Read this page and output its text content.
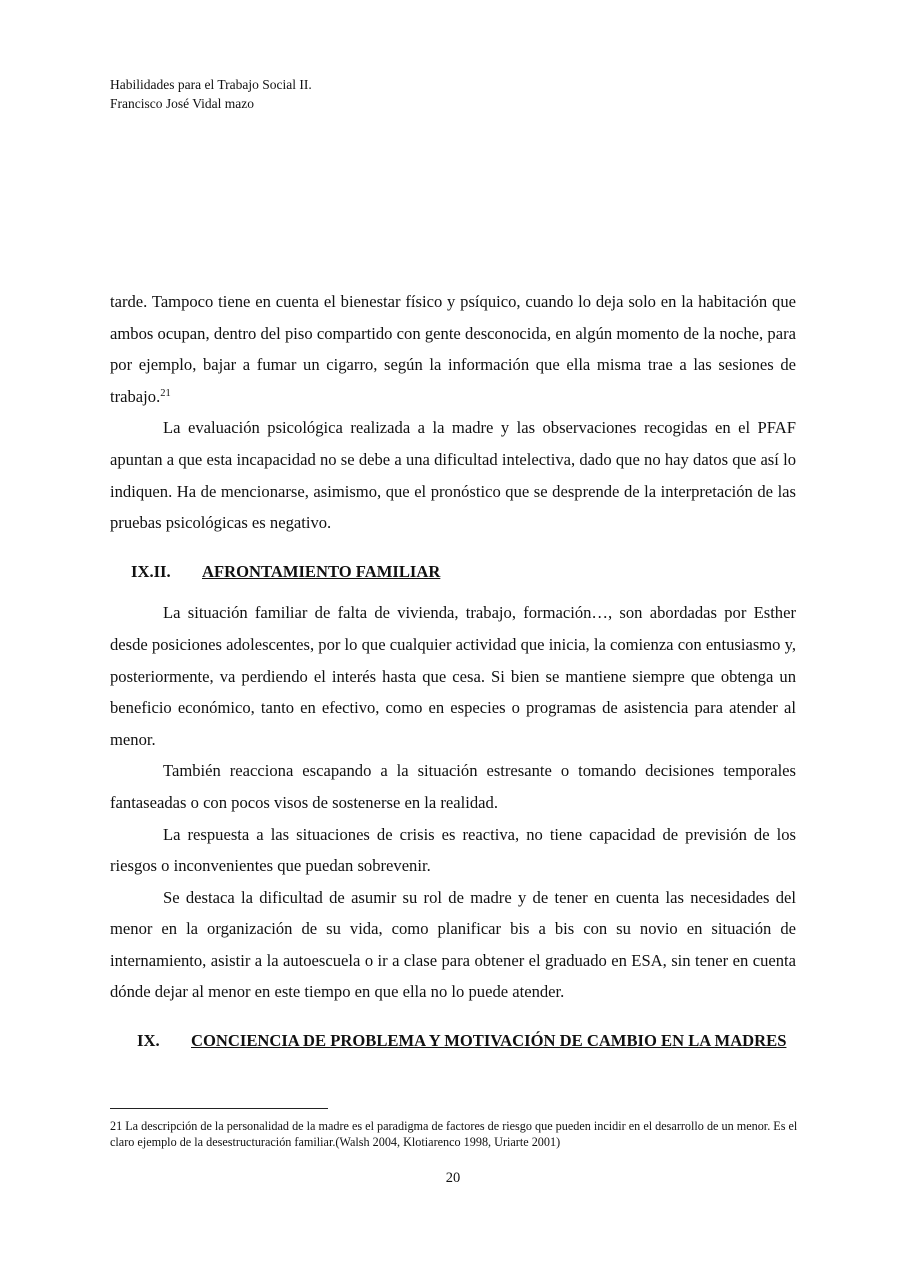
Habilidades para el Trabajo Social II.
Francisco José Vidal mazo

tarde. Tampoco tiene en cuenta el bienestar físico y psíquico, cuando lo deja solo en la habitación que ambos ocupan, dentro del piso compartido con gente desconocida, en algún momento de la noche, para por ejemplo, bajar a fumar un cigarro, según la información que ella misma trae a las sesiones de trabajo.$^{21}$

La evaluación psicológica realizada a la madre y las observaciones recogidas en el PFAF apuntan a que esta incapacidad no se debe a una dificultad intelectiva, dado que no hay datos que así lo indiquen. Ha de mencionarse, asimismo, que el pronóstico que se desprende de la interpretación de las pruebas psicológicas es negativo.

IX.II. AFRONTAMIENTO FAMILIAR

La situación familiar de falta de vivienda, trabajo, formación…, son abordadas por Esther desde posiciones adolescentes, por lo que cualquier actividad que inicia, la comienza con entusiasmo y, posteriormente, va perdiendo el interés hasta que cesa. Si bien se mantiene siempre que obtenga un beneficio económico, tanto en efectivo, como en especies o programas de asistencia para atender al menor.

También reacciona escapando a la situación estresante o tomando decisiones temporales fantaseadas o con pocos visos de sostenerse en la realidad.

La respuesta a las situaciones de crisis es reactiva, no tiene capacidad de previsión de los riesgos o inconvenientes que puedan sobrevenir.

Se destaca la dificultad de asumir su rol de madre y de tener en cuenta las necesidades del menor en la organización de su vida, como planificar bis a bis con su novio en situación de internamiento, asistir a la autoescuela o ir a clase para obtener el graduado en ESA, sin tener en cuenta dónde dejar al menor en este tiempo en que ella no lo puede atender.

IX. CONCIENCIA DE PROBLEMA Y MOTIVACIÓN DE CAMBIO EN LA MADRES
21 La descripción de la personalidad de la madre es el paradigma de factores de riesgo que pueden incidir en el desarrollo de un menor. Es el claro ejemplo de la desestructuración familiar.(Walsh 2004, Klotiarenco 1998, Uriarte 2001)
20
